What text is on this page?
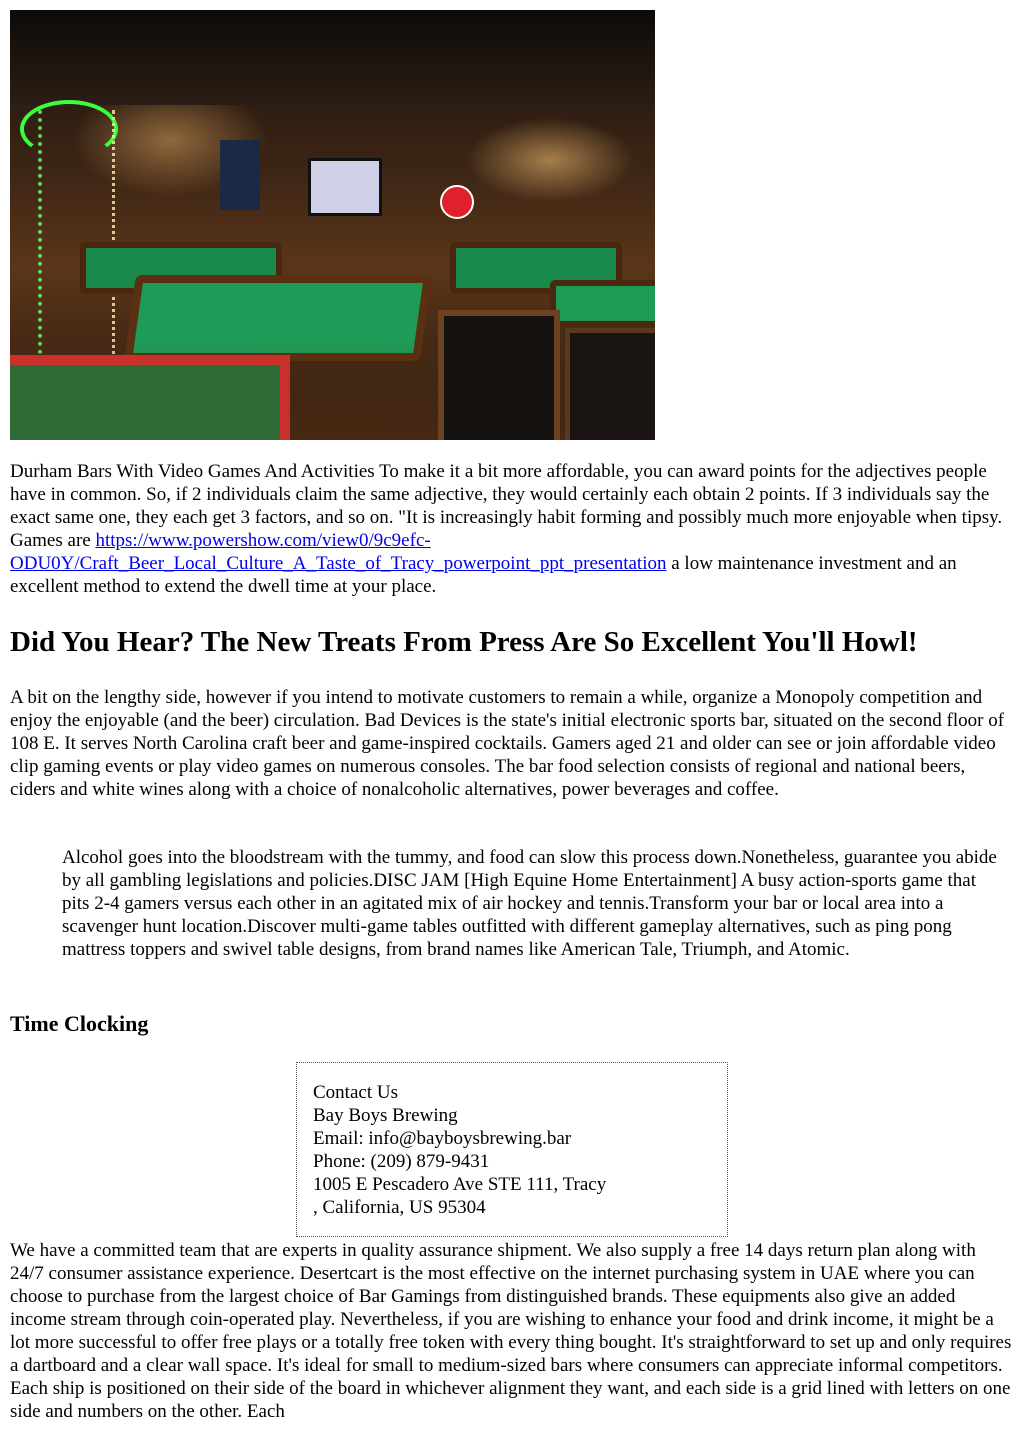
Durham Bars With Video Games And Activities To make it a bit more affordable, you can award points for the adjectives people have in common. So, if 2 individuals claim the same adjective, they would certainly each obtain 2 points. If 3 individuals say the exact same one, they each get 3 factors, and so on. "It is increasingly habit forming and possibly much more enjoyable when tipsy. Games are https://www.powershow.com/view0/9c9efc-ODU0Y/Craft_Beer_Local_Culture_A_Taste_of_Tracy_powerpoint_ppt_presentation a low maintenance investment and an excellent method to extend the dwell time at your place.

Did You Hear? The New Treats From Press Are So Excellent You'll Howl!

A bit on the lengthy side, however if you intend to motivate customers to remain a while, organize a Monopoly competition and enjoy the enjoyable (and the beer) circulation. Bad Devices is the state's initial electronic sports bar, situated on the second floor of 108 E. It serves North Carolina craft beer and game-inspired cocktails. Gamers aged 21 and older can see or join affordable video clip gaming events or play video games on numerous consoles. The bar food selection consists of regional and national beers, ciders and white wines along with a choice of nonalcoholic alternatives, power beverages and coffee.

Alcohol goes into the bloodstream with the tummy, and food can slow this process down.Nonetheless, guarantee you abide by all gambling legislations and policies.DISC JAM [High Equine Home Entertainment] A busy action-sports game that pits 2-4 gamers versus each other in an agitated mix of air hockey and tennis.Transform your bar or local area into a scavenger hunt location.Discover multi-game tables outfitted with different gameplay alternatives, such as ping pong mattress toppers and swivel table designs, from brand names like American Tale, Triumph, and Atomic.
Time Clocking
Contact Us
Bay Boys Brewing
Email: info@bayboysbrewing.bar
Phone: (209) 879-9431
1005 E Pescadero Ave STE 111, Tracy
, California, US 95304

We have a committed team that are experts in quality assurance shipment. We also supply a free 14 days return plan along with 24/7 consumer assistance experience. Desertcart is the most effective on the internet purchasing system in UAE where you can choose to purchase from the largest choice of Bar Gamings from distinguished brands. These equipments also give an added income stream through coin-operated play. Nevertheless, if you are wishing to enhance your food and drink income, it might be a lot more successful to offer free plays or a totally free token with every thing bought. It's straightforward to set up and only requires a dartboard and a clear wall space. It's ideal for small to medium-sized bars where consumers can appreciate informal competitors. Each ship is positioned on their side of the board in whichever alignment they want, and each side is a grid lined with letters on one side and numbers on the other. Each
